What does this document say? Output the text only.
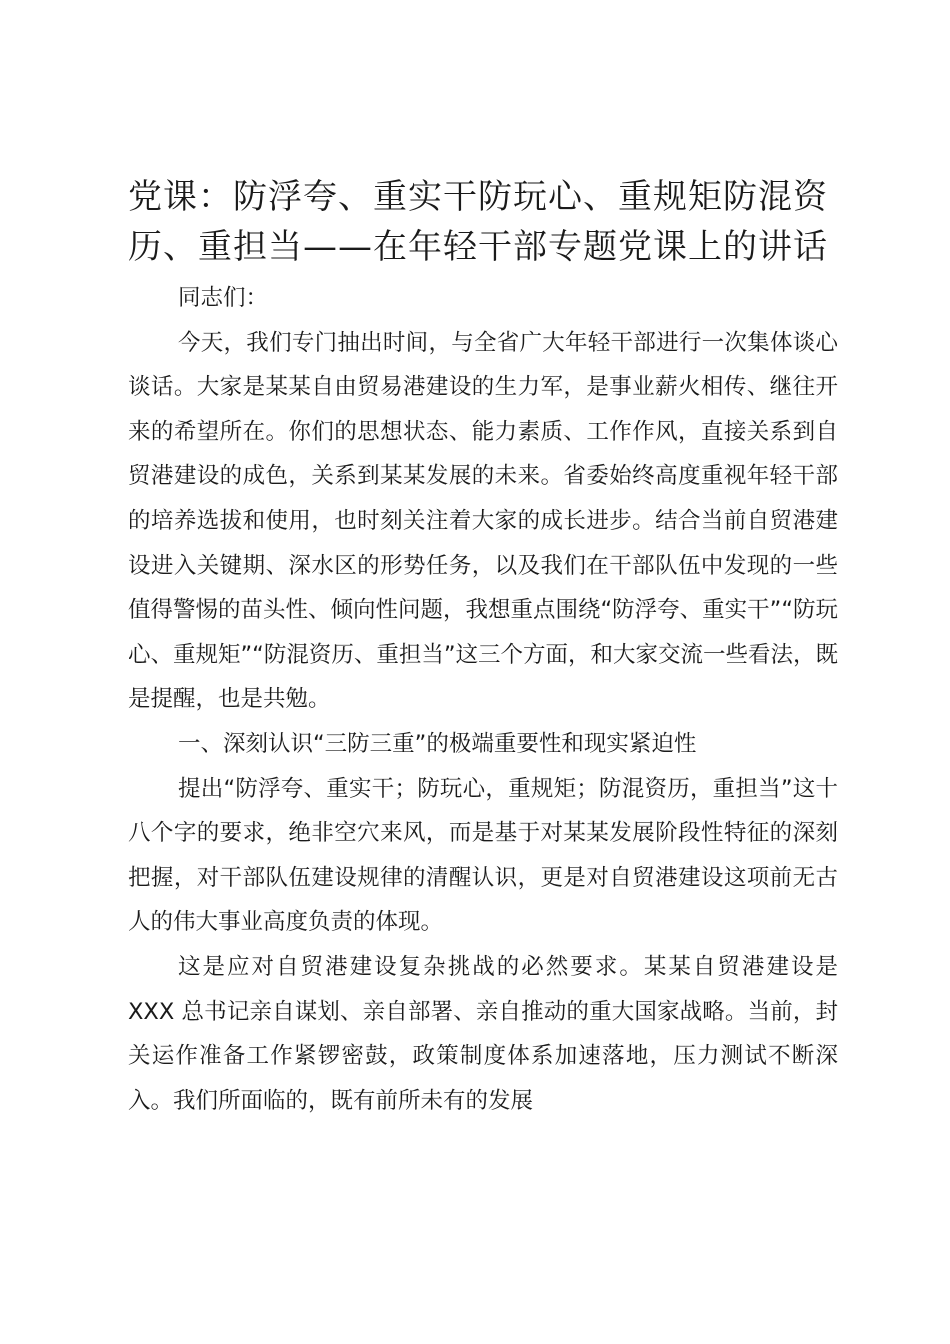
党课：防浮夸、重实干防玩心、重规矩防混资
历、重担当——在年轻干部专题党课上的讲话

同志们：

今天，我们专门抽出时间，与全省广大年轻干部进行一次集体谈心谈话。大家是某某自由贸易港建设的生力军，是事业薪火相传、继往开来的希望所在。你们的思想状态、能力素质、工作作风，直接关系到自贸港建设的成色，关系到某某发展的未来。省委始终高度重视年轻干部的培养选拔和使用，也时刻关注着大家的成长进步。结合当前自贸港建设进入关键期、深水区的形势任务，以及我们在干部队伍中发现的一些值得警惕的苗头性、倾向性问题，我想重点围绕“防浮夸、重实干”“防玩心、重规矩”“防混资历、重担当”这三个方面，和大家交流一些看法，既是提醒，也是共勉。

一、深刻认识“三防三重”的极端重要性和现实紧迫性

提出“防浮夸、重实干；防玩心，重规矩；防混资历，重担当”这十八个字的要求，绝非空穴来风，而是基于对某某发展阶段性特征的深刻把握，对干部队伍建设规律的清醒认识，更是对自贸港建设这项前无古人的伟大事业高度负责的体现。

这是应对自贸港建设复杂挑战的必然要求。某某自贸港建设是 XXX 总书记亲自谋划、亲自部署、亲自推动的重大国家战略。当前，封关运作准备工作紧锣密鼓，政策制度体系加速落地，压力测试不断深入。我们所面临的，既有前所未有的发展
